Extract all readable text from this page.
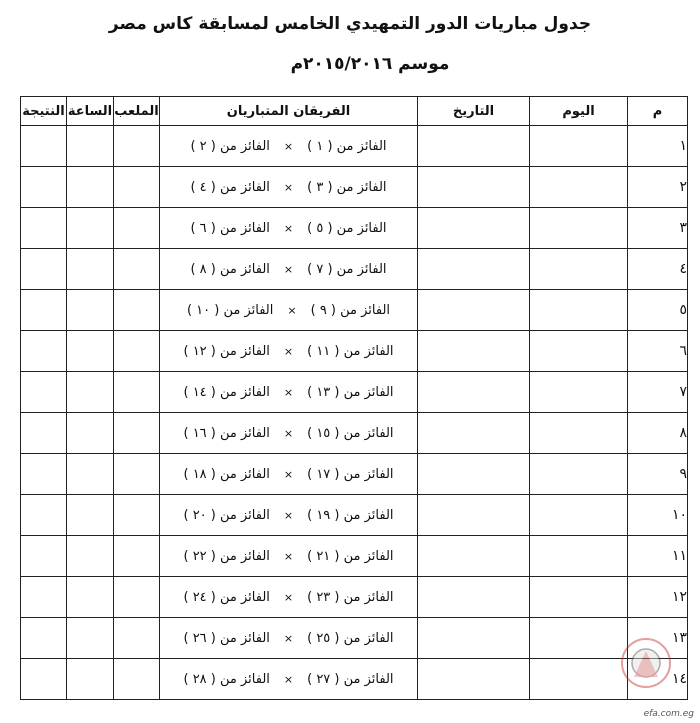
جدول مباريات الدور التمهيدي الخامس لمسابقة كاس مصر
موسم ٢٠١٥/٢٠١٦م
م	اليوم	التاريخ	الفريقان المتباريان	الملعب	الساعة	النتيجة
١			الفائز من ( ١ )×الفائز من ( ٢ )			
٢			الفائز من ( ٣ )×الفائز من ( ٤ )			
٣			الفائز من ( ٥ )×الفائز من ( ٦ )			
٤			الفائز من ( ٧ )×الفائز من ( ٨ )			
٥			الفائز من ( ٩ )×الفائز من ( ١٠ )			
٦			الفائز من ( ١١ )×الفائز من ( ١٢ )			
٧			الفائز من ( ١٣ )×الفائز من ( ١٤ )			
٨			الفائز من ( ١٥ )×الفائز من ( ١٦ )			
٩			الفائز من ( ١٧ )×الفائز من ( ١٨ )			
١٠			الفائز من ( ١٩ )×الفائز من ( ٢٠ )			
١١			الفائز من ( ٢١ )×الفائز من ( ٢٢ )			
١٢			الفائز من ( ٢٣ )×الفائز من ( ٢٤ )			
١٣			الفائز من ( ٢٥ )×الفائز من ( ٢٦ )			
١٤			الفائز من ( ٢٧ )×الفائز من ( ٢٨ )			
efa.com.eg
